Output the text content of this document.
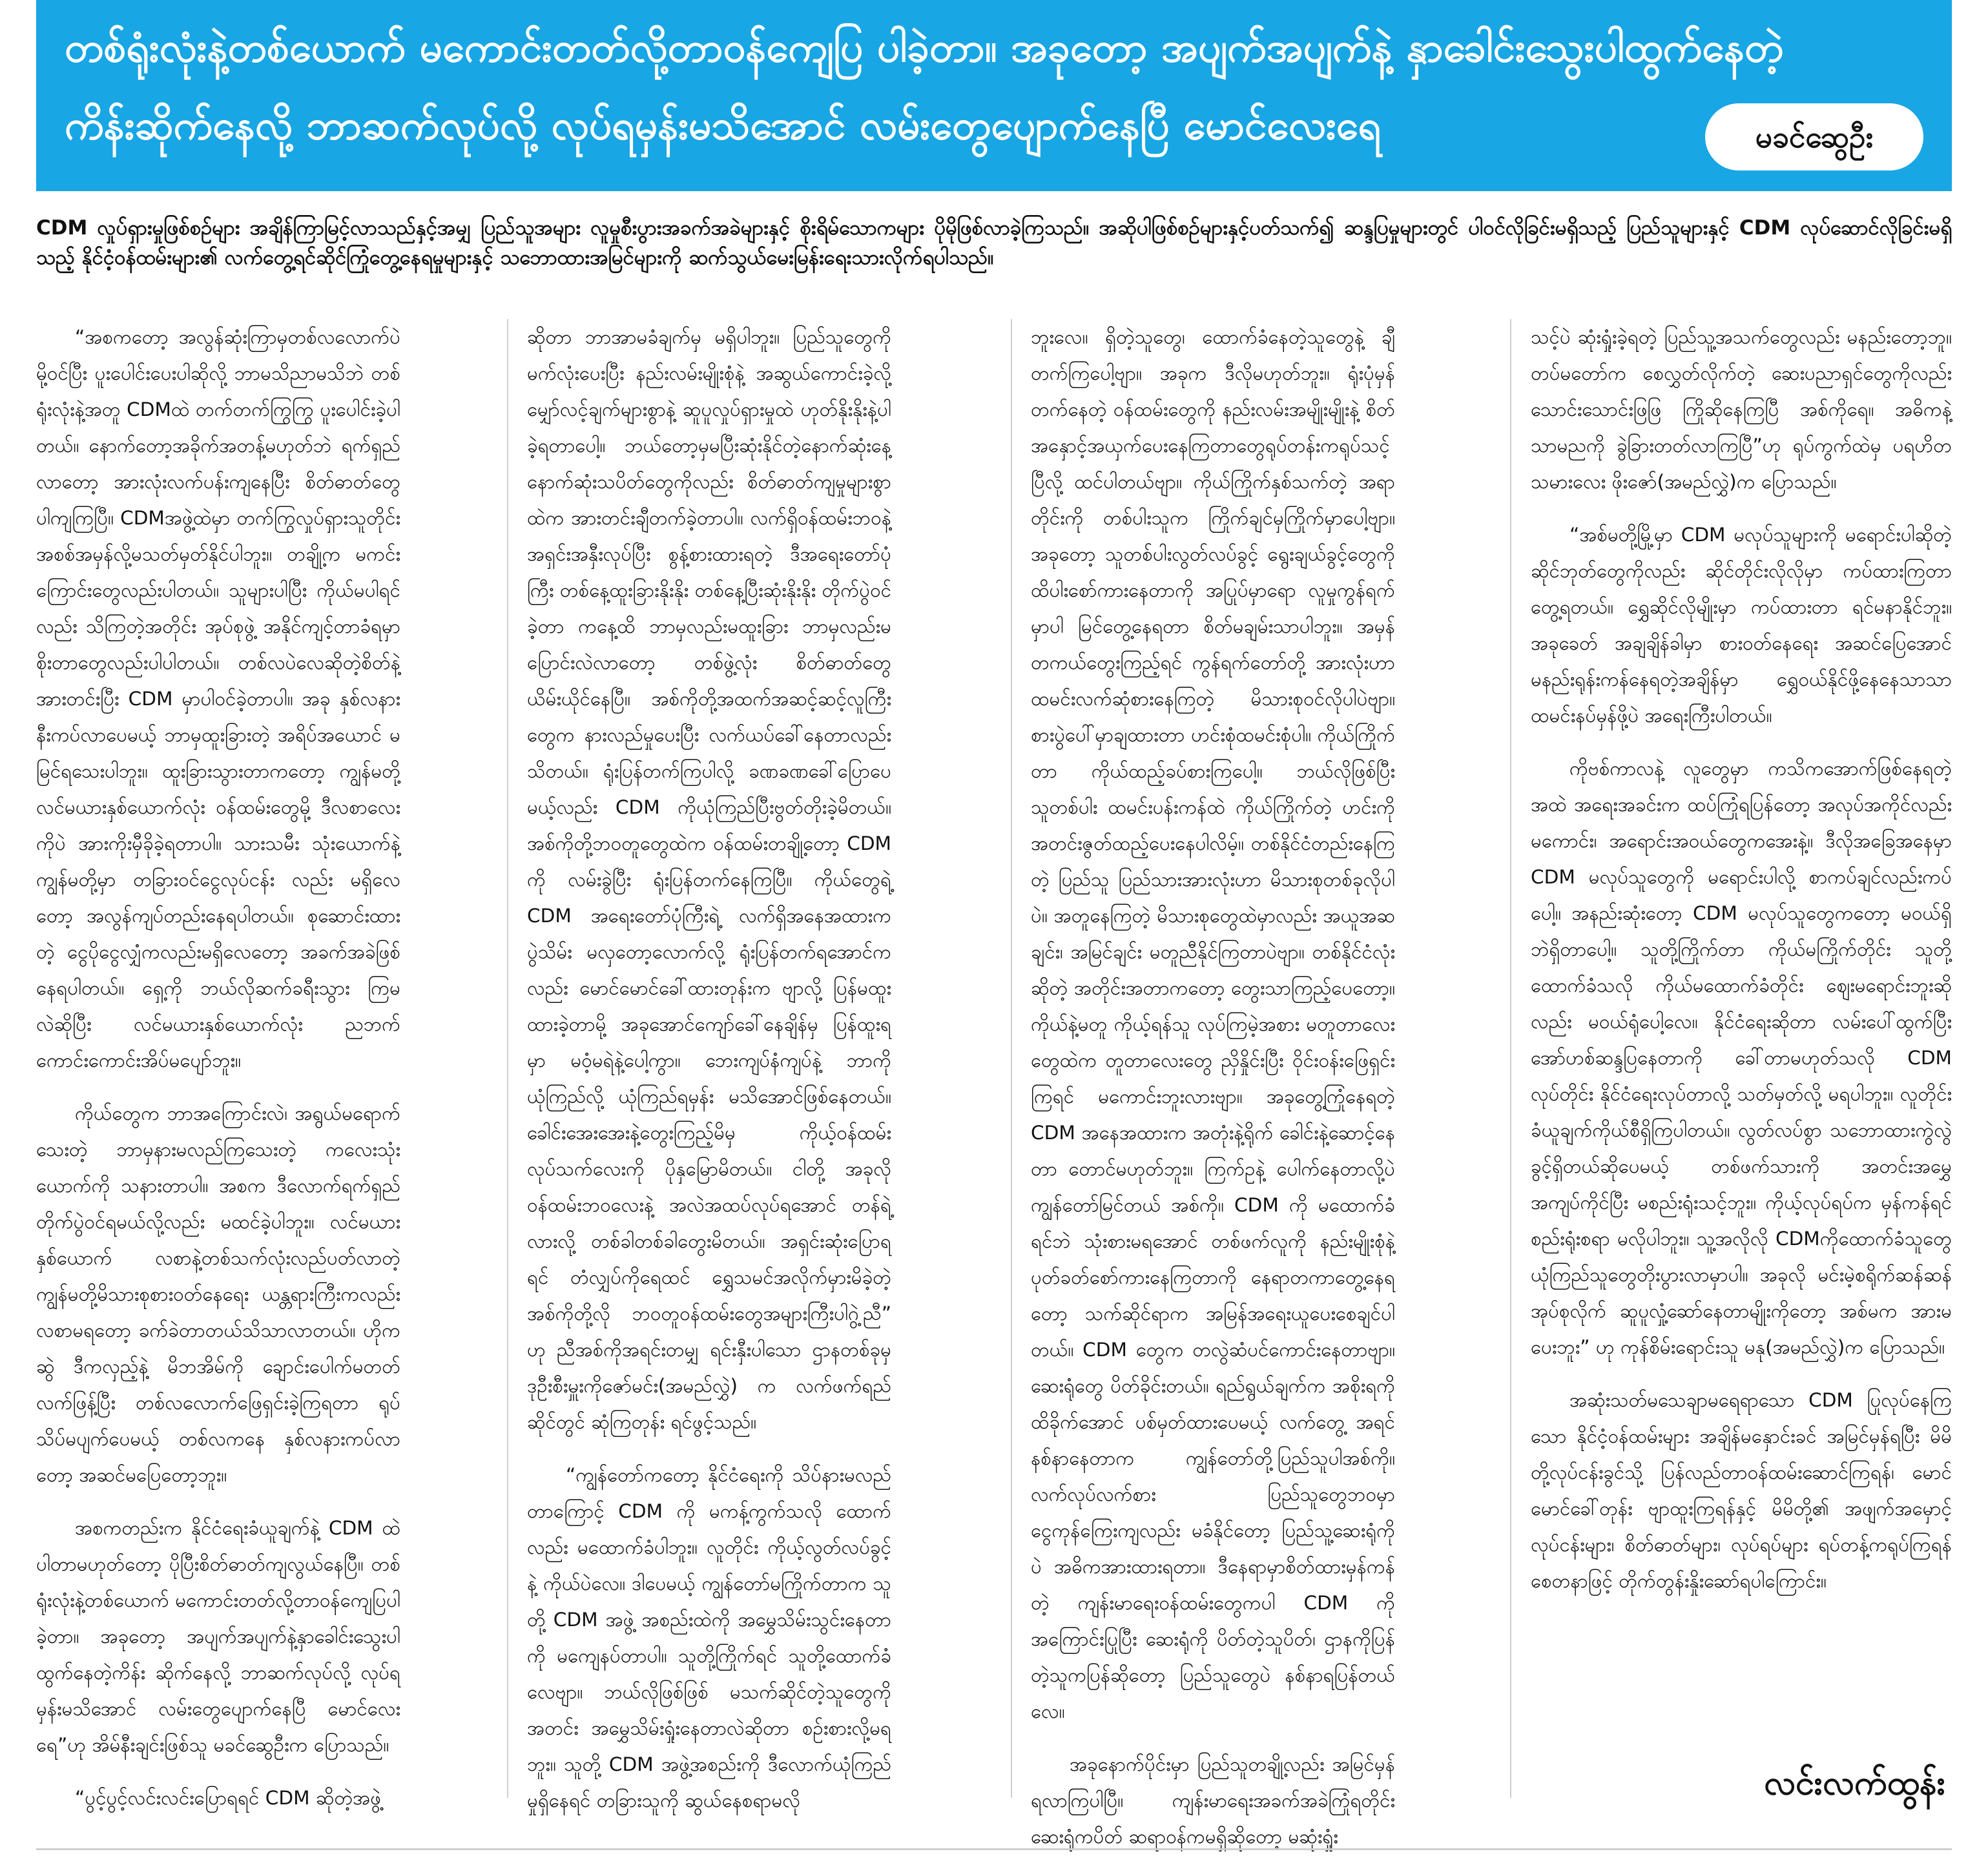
တစ်ရုံးလုံးနဲ့တစ်ယောက် မကောင်းတတ်လို့တာဝန်ကျေပြ ပါခဲ့တာ။ အခုတော့ အပျက်အပျက်နဲ့ နှာခေါင်းသွေးပါထွက်နေတဲ့
ကိန်းဆိုက်နေလို့ ဘာဆက်လုပ်လို့ လုပ်ရမှန်းမသိအောင် လမ်းတွေပျောက်နေပြီ မောင်လေးရေ	မခင်ဆွေဦး
CDM လှုပ်ရှားမှုဖြစ်စဉ်များ အချိန်ကြာမြင့်လာသည်နှင့်အမျှ ပြည်သူအများ လူမှုစီးပွားအခက်အခဲများနှင့် စိုးရိမ်သောကများ ပိုမိုဖြစ်လာခဲ့ကြသည်။ အဆိုပါဖြစ်စဉ်များနှင့်ပတ်သက်၍ ဆန္ဒပြမှုများတွင် ပါဝင်လိုခြင်းမရှိသည့် ပြည်သူများနှင့် CDM လုပ်ဆောင်လိုခြင်းမရှိသည့် နိုင်ငံ့ဝန်ထမ်းများ၏ လက်တွေ့ရင်ဆိုင်ကြုံတွေ့နေရမှုများနှင့် သဘောထားအမြင်များကို ဆက်သွယ်မေးမြန်းရေးသားလိုက်ရပါသည်။

“အစကတော့ အလွန်ဆုံးကြာမှတစ်လလောက်ပဲမို့ဝင်ပြီး ပူးပေါင်းပေးပါဆိုလို့ ဘာမသိညာမသိဘဲ တစ်ရုံးလုံးနဲ့အတူ CDMထဲ တက်တက်ကြွကြွ ပူးပေါင်းခဲ့ပါတယ်။ နောက်တော့အခိုက်အတန့်မဟုတ်ဘဲ ရက်ရှည်လာတော့ အားလုံးလက်ပန်းကျနေပြီး စိတ်ဓာတ်တွေပါကျကြပြီ။ CDMအဖွဲ့ထဲမှာ တက်ကြွလှုပ်ရှားသူတိုင်း အစစ်အမှန်လို့မသတ်မှတ်နိုင်ပါဘူး။ တချို့က မကင်းကြောင်းတွေလည်းပါတယ်။ သူများပါပြီး ကိုယ်မပါရင်လည်း သိကြတဲ့အတိုင်း အုပ်စုဖွဲ့ အနိုင်ကျင့်တာခံရမှာစိုးတာတွေလည်းပါပါတယ်။ တစ်လပဲလေဆိုတဲ့စိတ်နဲ့ အားတင်းပြီး CDM မှာပါဝင်ခဲ့တာပါ။ အခု နှစ်လနား နီးကပ်လာပေမယ့် ဘာမှထူးခြားတဲ့ အရိပ်အယောင် မမြင်ရသေးပါဘူး။ ထူးခြားသွားတာကတော့ ကျွန်မတို့ လင်မယားနှစ်ယောက်လုံး ဝန်ထမ်းတွေမို့ ဒီလစာလေးကိုပဲ အားကိုးမှီခိုခဲ့ရတာပါ။ သားသမီး သုံးယောက်နဲ့ ကျွန်မတို့မှာ တခြားဝင်ငွေလုပ်ငန်း လည်း မရှိလေတော့ အလွန်ကျပ်တည်းနေရပါတယ်။ စုဆောင်းထားတဲ့ ငွေပိုငွေလျှံကလည်းမရှိလေတော့ အခက်အခဲဖြစ်နေရပါတယ်။ ရှေ့ကို ဘယ်လိုဆက်ခရီးသွား ကြမလဲဆိုပြီး လင်မယားနှစ်ယောက်လုံး ညဘက်ကောင်းကောင်းအိပ်မပျော်ဘူး။

ကိုယ်တွေက ဘာအကြောင်းလဲ၊ အရွယ်မရောက်သေးတဲ့ ဘာမှနားမလည်ကြသေးတဲ့ ကလေးသုံးယောက်ကို သနားတာပါ။ အစက ဒီလောက်ရက်ရှည်တိုက်ပွဲဝင်ရမယ်လို့လည်း မထင်ခဲ့ပါဘူး။ လင်မယားနှစ်ယောက် လစာနဲ့တစ်သက်လုံးလည်ပတ်လာတဲ့ ကျွန်မတို့မိသားစုစားဝတ်နေရေး ယန္တရားကြီးကလည်း လစာမရတော့ ခက်ခဲတာတယ်သိသာလာတယ်။ ဟိုကဆွဲ ဒီကလှည့်နဲ့ မိဘအိမ်ကို ချောင်းပေါက်မတတ် လက်ဖြန့်ပြီး တစ်လလောက်ဖြေရှင်းခဲ့ကြရတာ ရုပ်သိပ်မပျက်ပေမယ့် တစ်လကနေ နှစ်လနားကပ်လာတော့ အဆင်မပြေတော့ဘူး။

အစကတည်းက နိုင်ငံရေးခံယူချက်နဲ့ CDM ထဲပါတာမဟုတ်တော့ ပိုပြီးစိတ်ဓာတ်ကျလွယ်နေပြီ။ တစ်ရုံးလုံးနဲ့တစ်ယောက် မကောင်းတတ်လို့တာဝန်ကျေပြပါခဲ့တာ။ အခုတော့ အပျက်အပျက်နဲ့နှာခေါင်းသွေးပါထွက်နေတဲ့ကိန်း ဆိုက်နေလို့ ဘာဆက်လုပ်လို့ လုပ်ရမှန်းမသိအောင် လမ်းတွေပျောက်နေပြီ မောင်လေးရေ”ဟု အိမ်နီးချင်းဖြစ်သူ မခင်ဆွေဦးက ပြောသည်။

“ပွင့်ပွင့်လင်းလင်းပြောရရင် CDM ဆိုတဲ့အဖွဲ့

ဆိုတာ ဘာအာမခံချက်မှ မရှိပါဘူး။ ပြည်သူတွေကို မက်လုံးပေးပြီး နည်းလမ်းမျိုးစုံနဲ့ အဆွယ်ကောင်းခဲ့လို့ မျှော်လင့်ချက်များစွာနဲ့ ဆူပူလှုပ်ရှားမှုထဲ ဟုတ်နိုးနိုးနဲ့ပါခဲ့ရတာပေါ့။ ဘယ်တော့မှမပြီးဆုံးနိုင်တဲ့နောက်ဆုံးနေ့ နောက်ဆုံးသပိတ်တွေကိုလည်း စိတ်ဓာတ်ကျမှုများစွာထဲက အားတင်းချီတက်ခဲ့တာပါ။ လက်ရှိဝန်ထမ်းဘဝနဲ့ အရှင်းအနှီးလုပ်ပြီး စွန့်စားထားရတဲ့ ဒီအရေးတော်ပုံကြီး တစ်နေ့ထူးခြားနိုးနိုး တစ်နေ့ပြီးဆုံးနိုးနိုး တိုက်ပွဲဝင်ခဲ့တာ ကနေ့ထိ ဘာမှလည်းမထူးခြား ဘာမှလည်းမပြောင်းလဲလာတော့ တစ်ဖွဲ့လုံး စိတ်ဓာတ်တွေ ယိမ်းယိုင်နေပြီ။ အစ်ကိုတို့အထက်အဆင့်ဆင့်လူကြီးတွေက နားလည်မှုပေးပြီး လက်ယပ်ခေါ်နေတာလည်း သိတယ်။ ရုံးပြန်တက်ကြပါလို့ ခဏခဏခေါ်ပြောပေမယ့်လည်း CDM ကိုယုံကြည်ပြီးဗွတ်တိုးခဲ့မိတယ်။ အစ်ကိုတို့ဘဝတူတွေထဲက ဝန်ထမ်းတချို့တော့ CDM ကို လမ်းခွဲပြီး ရုံးပြန်တက်နေကြပြီ။ ကိုယ်တွေရဲ့ CDM အရေးတော်ပုံကြီးရဲ့ လက်ရှိအနေအထားက ပွဲသိမ်း မလှတော့လောက်လို့ ရုံးပြန်တက်ရအောင်ကလည်း မောင်မောင်ခေါ်ထားတုန်းက ဗျာလို့ ပြန်မထူးထားခဲ့တာမို့ အခုအောင်ကျော်ခေါ်နေချိန်မှ ပြန်ထူးရမှာ မဝံ့မရဲနဲ့ပေါ့ကွာ။ ဘေးကျပ်နံကျပ်နဲ့ ဘာကိုယုံကြည်လို့ ယုံကြည်ရမှန်း မသိအောင်ဖြစ်နေတယ်။ ခေါင်းအေးအေးနဲ့တွေးကြည့်မိမှ ကိုယ့်ဝန်ထမ်းလုပ်သက်လေးကို ပိုနှမြောမိတယ်။ ငါတို့ အခုလို ဝန်ထမ်းဘဝလေးနဲ့ အလဲအထပ်လုပ်ရအောင် တန်ရဲ့လားလို့ တစ်ခါတစ်ခါတွေးမိတယ်။ အရှင်းဆုံးပြောရရင် တံလျှပ်ကိုရေထင် ရွှေသမင်အလိုက်မှားမိခဲ့တဲ့ အစ်ကိုတို့လို ဘဝတူဝန်ထမ်းတွေအများကြီးပါဂွဲ့ညီ” ဟု ညီအစ်ကိုအရင်းတမျှ ရင်းနှီးပါသော ဌာနတစ်ခုမှ ဒုဦးစီးမှူးကိုဇော်မင်း(အမည်လွှဲ) က လက်ဖက်ရည်ဆိုင်တွင် ဆုံကြတုန်း ရင်ဖွင့်သည်။

“ကျွန်တော်ကတော့ နိုင်ငံရေးကို သိပ်နားမလည်တာကြောင့် CDM ကို မကန့်ကွက်သလို ထောက်လည်း မထောက်ခံပါဘူး။ လူတိုင်း ကိုယ့်လွတ်လပ်ခွင့်နဲ့ ကိုယ်ပဲလေ။ ဒါပေမယ့် ကျွန်တော်မကြိုက်တာက သူတို့ CDM အဖွဲ့ အစည်းထဲကို အမွှေသိမ်းသွင်းနေတာကို မကျေနပ်တာပါ။ သူတို့ကြိုက်ရင် သူတို့ထောက်ခံလေဗျာ။ ဘယ်လိုဖြစ်ဖြစ် မသက်ဆိုင်တဲ့သူတွေကို အတင်း အမွှေသိမ်းရှုံးနေတာလဲဆိုတာ စဉ်းစားလို့မရဘူး။ သူတို့ CDM အဖွဲ့အစည်းကို ဒီလောက်ယုံကြည်မှုရှိနေရင် တခြားသူကို ဆွယ်နေစရာမလို

ဘူးလေ။ ရှိတဲ့သူတွေ၊ ထောက်ခံနေတဲ့သူတွေနဲ့ ချီတက်ကြပေါ့ဗျာ။ အခုက ဒီလိုမဟုတ်ဘူး။ ရုံးပုံမှန်တက်နေတဲ့ ဝန်ထမ်းတွေကို နည်းလမ်းအမျိုးမျိုးနဲ့ စိတ်အနှောင့်အယှက်ပေးနေကြတာတွေရုပ်တန်းကရုပ်သင့်ပြီလို့ ထင်ပါတယ်ဗျာ။ ကိုယ်ကြိုက်နှစ်သက်တဲ့ အရာတိုင်းကို တစ်ပါးသူက ကြိုက်ချင်မှကြိုက်မှာပေါ့ဗျာ။ အခုတော့ သူတစ်ပါးလွတ်လပ်ခွင့် ရွေးချယ်ခွင့်တွေကို ထိပါးစော်ကားနေတာကို အပြုပ်မှာရော လူမှုကွန်ရက်မှာပါ မြင်တွေ့နေရတာ စိတ်မချမ်းသာပါဘူး။ အမှန်တကယ်တွေးကြည့်ရင် ကွန်ရက်တော်တို့ အားလုံးဟာ ထမင်းလက်ဆုံစားနေကြတဲ့ မိသားစုဝင်လိုပါပဲဗျာ။ စားပွဲပေါ်မှာချထားတာ ဟင်းစုံထမင်းစုံပါ။ ကိုယ်ကြိုက်တာ ကိုယ်ထည့်ခပ်စားကြပေါ့။ ဘယ်လိုဖြစ်ပြီး သူတစ်ပါး ထမင်းပန်းကန်ထဲ ကိုယ်ကြိုက်တဲ့ ဟင်းကို အတင်းဇွတ်ထည့်ပေးနေပါလိမ့်။ တစ်နိုင်ငံတည်းနေကြတဲ့ ပြည်သူ ပြည်သားအားလုံးဟာ မိသားစုတစ်ခုလိုပါပဲ။ အတူနေကြတဲ့ မိသားစုတွေထဲမှာလည်း အယူအဆချင်း၊ အမြင်ချင်း မတူညီနိုင်ကြတာပဲဗျာ။ တစ်နိုင်ငံလုံးဆိုတဲ့ အတိုင်းအတာကတော့ တွေးသာကြည့်ပေတော့။ ကိုယ်နဲ့မတူ ကိုယ့်ရန်သူ လုပ်ကြမဲ့အစား မတူတာလေးတွေထဲက တူတာလေးတွေ ညှိနှိုင်းပြီး ဝိုင်းဝန်းဖြေရှင်းကြရင် မကောင်းဘူးလားဗျာ။ အခုတွေ့ကြုံနေရတဲ့ CDM အနေအထားက အတုံးနဲ့ရိုက် ခေါင်းနဲ့ဆောင့်နေတာ တောင်မဟုတ်ဘူး။ ကြက်ဥနဲ့ ပေါက်နေတာလို့ပဲ ကျွန်တော်မြင်တယ် အစ်ကို။ CDM ကို မထောက်ခံရင်ဘဲ သုံးစားမရအောင် တစ်ဖက်လူကို နည်းမျိုးစုံနဲ့ ပုတ်ခတ်စော်ကားနေကြတာကို နေရာတကာတွေ့နေရတော့ သက်ဆိုင်ရာက အမြန်အရေးယူပေးစေချင်ပါတယ်။ CDM တွေက တလွဲဆံပင်ကောင်းနေတာဗျာ။ ဆေးရုံတွေ ပိတ်ခိုင်းတယ်။ ရည်ရွယ်ချက်က အစိုးရကို ထိခိုက်အောင် ပစ်မှတ်ထားပေမယ့် လက်တွေ့ အရင်နစ်နာနေတာက ကျွန်တော်တို့ပြည်သူပါအစ်ကို။ လက်လုပ်လက်စား ပြည်သူတွေဘဝမှာ ငွေကုန်ကြေးကျလည်း မခံနိုင်တော့ ပြည်သူ့ဆေးရုံကိုပဲ အဓိကအားထားရတာ။ ဒီနေရာမှာစိတ်ထားမှန်ကန်တဲ့ ကျန်းမာရေးဝန်ထမ်းတွေကပါ CDM ကို အကြောင်းပြုပြီး ဆေးရုံကို ပိတ်တဲ့သူပိတ်၊ ဌာနကိုပြန်တဲ့သူကပြန်ဆိုတော့ ပြည်သူတွေပဲ နစ်နာရပြန်တယ်လေ။

အခုနောက်ပိုင်းမှာ ပြည်သူတချို့လည်း အမြင်မှန် ရလာကြပါပြီ။ ကျန်းမာရေးအခက်အခဲကြုံရတိုင်း ဆေးရုံကပိတ် ဆရာဝန်ကမရှိဆိုတော့ မဆုံးရှုံး

သင့်ပဲ ဆုံးရှုံးခဲ့ရတဲ့ ပြည်သူ့အသက်တွေလည်း မနည်းတော့ဘူ။ တပ်မတော်က စေလွှတ်လိုက်တဲ့ ဆေးပညာရှင်တွေကိုလည်း သောင်းသောင်းဖြဖြ ကြိုဆိုနေကြပြီ အစ်ကိုရေ။ အဓိကနဲ့သာမညကို ခွဲခြားတတ်လာကြပြီ”ဟု ရုပ်ကွက်ထဲမှ ပရဟိတ သမားလေး ဖိုးဇော်(အမည်လွှဲ)က ပြောသည်။

“အစ်မတို့မြို့မှာ CDM မလုပ်သူများကို မရောင်းပါဆိုတဲ့ ဆိုင်ဘုတ်တွေကိုလည်း ဆိုင်တိုင်းလိုလိုမှာ ကပ်ထားကြတာတွေ့ရတယ်။ ရွှေဆိုင်လိုမျိုးမှာ ကပ်ထားတာ ရင်မနာနိုင်ဘူး။ အခုခေတ် အချချိန်ခါမှာ စားဝတ်နေရေး အဆင်ပြေအောင် မနည်းရုန်းကန်နေရတဲ့အချိန်မှာ ရွှေဝယ်နိုင်ဖို့နေနေသာသာ ထမင်းနပ်မှန်ဖို့ပဲ အရေးကြီးပါတယ်။

ကိုဗစ်ကာလနဲ့ လူတွေမှာ ကသိကအောက်ဖြစ်နေရတဲ့အထဲ အရေးအခင်းက ထပ်ကြုံရပြန်တော့ အလုပ်အကိုင်လည်း မကောင်း၊ အရောင်းအဝယ်တွေကအေးနဲ့။ ဒီလိုအခြေအနေမှာ CDM မလုပ်သူတွေကို မရောင်းပါလို့ စာကပ်ချင်လည်းကပ်ပေါ့။ အနည်းဆုံးတော့ CDM မလုပ်သူတွေကတော့ မဝယ်ရှိဘဲရှိတာပေါ့။ သူတို့ကြိုက်တာ ကိုယ်မကြိုက်တိုင်း သူတို့ထောက်ခံသလို ကိုယ်မထောက်ခံတိုင်း ဈေးမရောင်းဘူးဆိုလည်း မဝယ်ရုံပေါ့လေ။ နိုင်ငံရေးဆိုတာ လမ်းပေါ်ထွက်ပြီး အော်ဟစ်ဆန္ဒပြနေတာကို ခေါ်တာမဟုတ်သလို CDM လုပ်တိုင်း နိုင်ငံရေးလုပ်တာလို့ သတ်မှတ်လို့ မရပါဘူး။ လူတိုင်း ခံယူချက်ကိုယ်စီရှိကြပါတယ်။ လွတ်လပ်စွာ သဘောထားကွဲလွဲခွင့်ရှိတယ်ဆိုပေမယ့် တစ်ဖက်သားကို အတင်းအမွှေအကျပ်ကိုင်ပြီး မစည်းရုံးသင့်ဘူး။ ကိုယ့်လုပ်ရပ်က မှန်ကန်ရင် စည်းရုံးစရာ မလိုပါဘူး။ သူ့အလိုလို CDMကိုထောက်ခံသူတွေယုံကြည်သူတွေတိုးပွားလာမှာပါ။ အခုလို မင်းမဲ့စရိုက်ဆန်ဆန် အုပ်စုလိုက် ဆူပူလှုံ့ဆော်နေတာမျိုးကိုတော့ အစ်မက အားမပေးဘူး” ဟု ကုန်စိမ်းရောင်းသူ မနု(အမည်လွှဲ)က ပြောသည်။

အဆုံးသတ်မသေချာမရေရာသော CDM ပြုလုပ်နေကြသော နိုင်ငံ့ဝန်ထမ်းများ အချိန်မနှောင်းခင် အမြင်မှန်ရပြီး မိမိတို့လုပ်ငန်းခွင်သို့ ပြန်လည်တာဝန်ထမ်းဆောင်ကြရန်၊ မောင်မောင်ခေါ်တုန်း ဗျာထူးကြရန်နှင့် မိမိတို့၏ အဖျက်အမှောင့်လုပ်ငန်းများ၊ စိတ်ဓာတ်များ၊ လုပ်ရပ်များ ရပ်တန့်ကရုပ်ကြရန် စေတနာဖြင့် တိုက်တွန်းနှိုးဆော်ရပါကြောင်း။

လင်းလက်ထွန်း
